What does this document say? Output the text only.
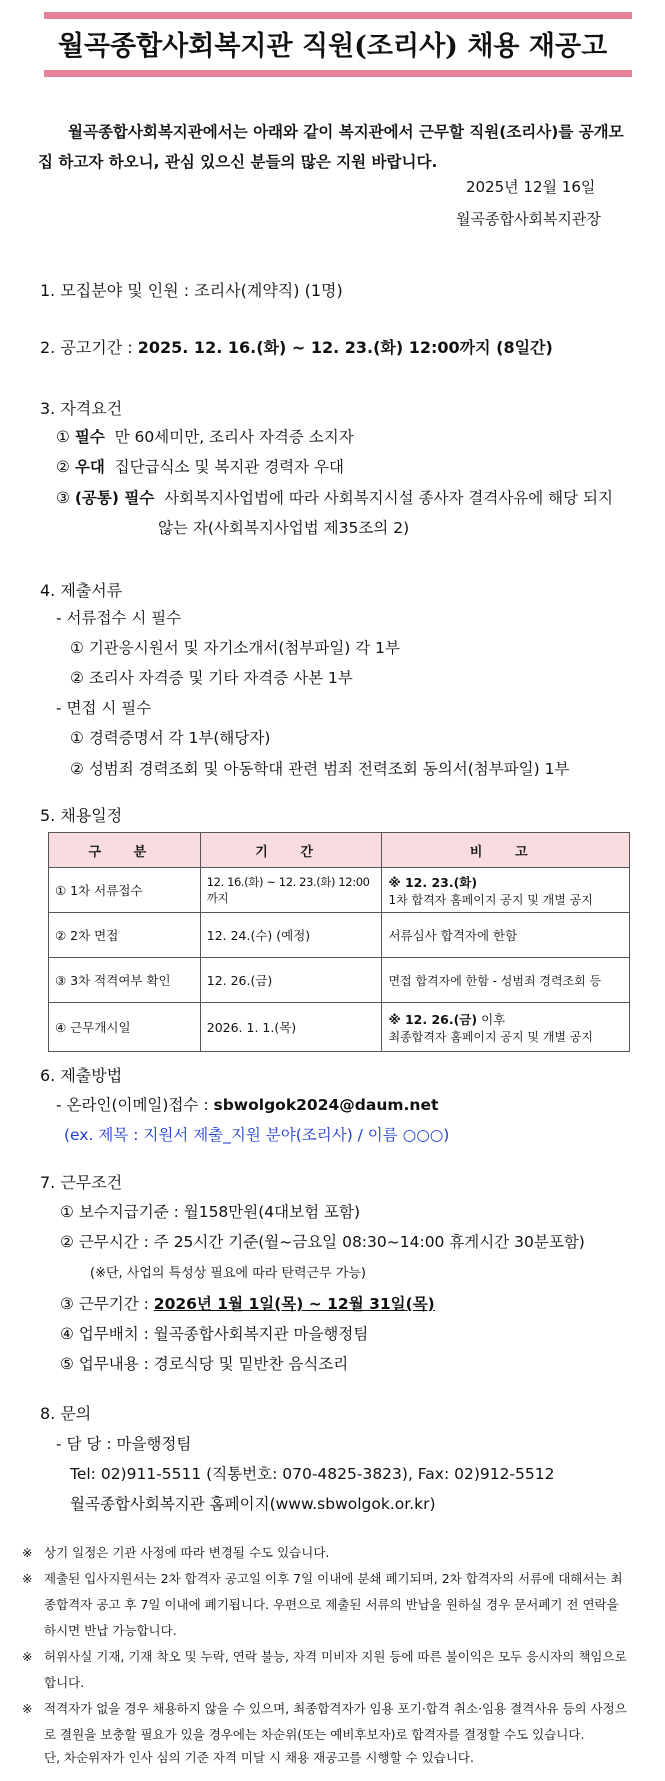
월곡종합사회복지관 직원(조리사) 채용 재공고
월곡종합사회복지관에서는 아래와 같이 복지관에서 근무할 직원(조리사)를 공개모집 하고자 하오니, 관심 있으신 분들의 많은 지원 바랍니다.
2025년 12월 16일
월곡종합사회복지관장
1. 모집분야 및 인원 : 조리사(계약직) (1명)
2. 공고기간 : 2025. 12. 16.(화) ~ 12. 23.(화) 12:00까지 (8일간)
3. 자격요건
① 필수 만 60세미만, 조리사 자격증 소지자
② 우대 집단급식소 및 복지관 경력자 우대
③ (공통) 필수 사회복지사업법에 따라 사회복지시설 종사자 결격사유에 해당 되지
않는 자(사회복지사업법 제35조의 2)
4. 제출서류
- 서류접수 시 필수
① 기관응시원서 및 자기소개서(첨부파일) 각 1부
② 조리사 자격증 및 기타 자격증 사본 1부
- 면접 시 필수
① 경력증명서 각 1부(해당자)
② 성범죄 경력조회 및 아동학대 관련 범죄 전력조회 동의서(첨부파일) 1부
5. 채용일정
구 분	기 간	비 고
① 1차 서류접수	12. 16.(화) ~ 12. 23.(화) 12:00까지	※ 12. 23.(화)
1차 합격자 홈페이지 공지 및 개별 공지

② 2차 면접	12. 24.(수) (예정)	서류심사 합격자에 한함
③ 3차 적격여부 확인	12. 26.(금)	면접 합격자에 한함 - 성범죄 경력조회 등
④ 근무개시일	2026. 1. 1.(목)	※ 12. 26.(금) 이후
최종합격자 홈페이지 공지 및 개별 공지
6. 제출방법
- 온라인(이메일)접수 : sbwolgok2024@daum.net
(ex. 제목 : 지원서 제출_지원 분야(조리사) / 이름 ○○○)
7. 근무조건
① 보수지급기준 : 월158만원(4대보험 포함)
② 근무시간 : 주 25시간 기준(월~금요일 08:30~14:00 휴게시간 30분포함)
(※단, 사업의 특성상 필요에 따라 탄력근무 가능)
③ 근무기간 : 2026년 1월 1일(목) ~ 12월 31일(목)
④ 업무배치 : 월곡종합사회복지관 마을행정팀
⑤ 업무내용 : 경로식당 및 밑반찬 음식조리
8. 문의
- 담 당 : 마을행정팀
Tel: 02)911-5511 (직통번호: 070-4825-3823), Fax: 02)912-5512
월곡종합사회복지관 홈페이지(www.sbwolgok.or.kr)
※ 상기 일정은 기관 사정에 따라 변경될 수도 있습니다.
※ 제출된 입사지원서는 2차 합격자 공고일 이후 7일 이내에 분쇄 폐기되며, 2차 합격자의 서류에 대해서는 최종합격자 공고 후 7일 이내에 폐기됩니다. 우편으로 제출된 서류의 반납을 원하실 경우 문서폐기 전 연락을 하시면 반납 가능합니다.
※ 허위사실 기재, 기재 착오 및 누락, 연락 불능, 자격 미비자 지원 등에 따른 불이익은 모두 응시자의 책임으로 합니다.
※ 적격자가 없을 경우 채용하지 않을 수 있으며, 최종합격자가 임용 포기·합격 취소·임용 결격사유 등의 사정으로 결원을 보충할 필요가 있을 경우에는 차순위(또는 예비후보자)로 합격자를 결정할 수도 있습니다.
단, 차순위자가 인사 심의 기준 자격 미달 시 채용 재공고를 시행할 수 있습니다.
